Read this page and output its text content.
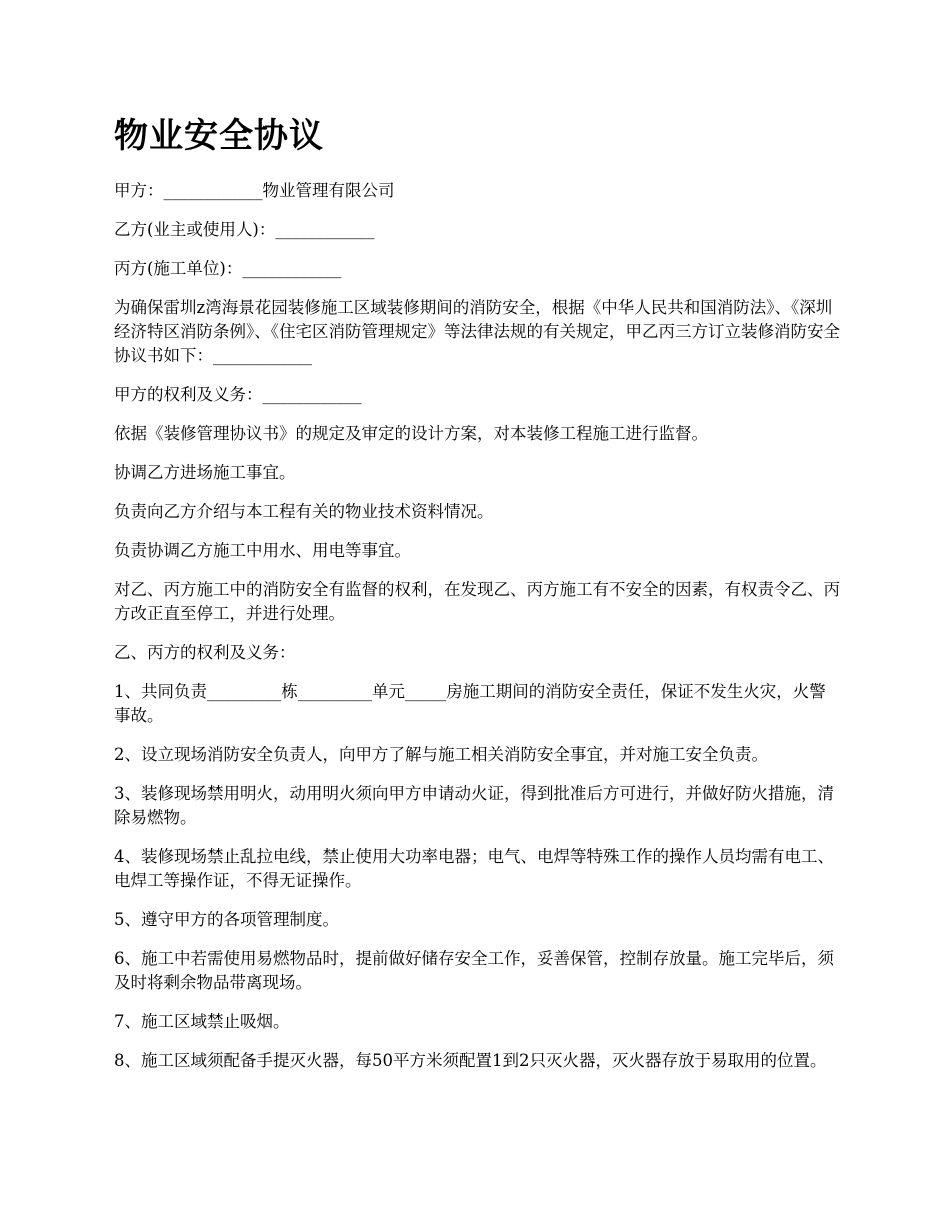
物业安全协议
甲方：____________物业管理有限公司
乙方(业主或使用人)：____________
丙方(施工单位)：____________
为确保雷圳z湾海景花园装修施工区域装修期间的消防安全，根据《中华人民共和国消防法》、《深圳经济特区消防条例》、《住宅区消防管理规定》等法律法规的有关规定，甲乙丙三方订立装修消防安全协议书如下：____________
甲方的权利及义务：____________
依据《装修管理协议书》的规定及审定的设计方案，对本装修工程施工进行监督。
协调乙方进场施工事宜。
负责向乙方介绍与本工程有关的物业技术资料情况。
负责协调乙方施工中用水、用电等事宜。
对乙、丙方施工中的消防安全有监督的权利，在发现乙、丙方施工有不安全的因素，有权责令乙、丙方改正直至停工，并进行处理。
乙、丙方的权利及义务：
1、共同负责_________栋_________单元_____房施工期间的消防安全责任，保证不发生火灾，火警事故。
2、设立现场消防安全负责人，向甲方了解与施工相关消防安全事宜，并对施工安全负责。
3、装修现场禁用明火，动用明火须向甲方申请动火证，得到批准后方可进行，并做好防火措施，清除易燃物。
4、装修现场禁止乱拉电线，禁止使用大功率电器；电气、电焊等特殊工作的操作人员均需有电工、电焊工等操作证，不得无证操作。
5、遵守甲方的各项管理制度。
6、施工中若需使用易燃物品时，提前做好储存安全工作，妥善保管，控制存放量。施工完毕后，须及时将剩余物品带离现场。
7、施工区域禁止吸烟。
8、施工区域须配备手提灭火器，每50平方米须配置1到2只灭火器，灭火器存放于易取用的位置。
